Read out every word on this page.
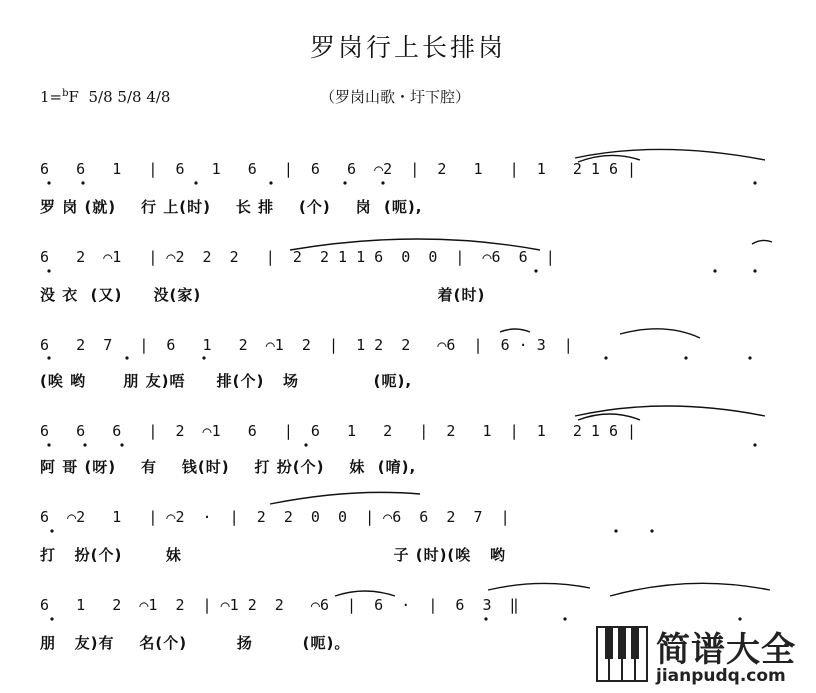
罗岗行上长排岗
1=$^b$F 5/8 5/8 4/8	（罗岗山歌・圩下腔）
6   6   1   |  6   1   6   |  6   6  ⌒2  |  2   1   |  1   2 1 6 |
罗 岗 (就)    行 上(时)    长 排    (个)    岗  (呃),
6   2  ⌒1   | ⌒2  2  2   |  2  2 1 1 6  0  0  |  ⌒6  6  |
没 衣  (又)     没(家)                                      着(时)
6   2  7   |  6   1   2  ⌒1  2  |  1 2  2   ⌒6  |  6 · 3  |
(唉 哟      朋 友)唔     排(个)   场            (呃),
6   6   6   |  2  ⌒1   6   |  6   1   2   |  2   1  |  1   2 1 6 |
阿 哥 (呀)    有    钱(时)    打 扮(个)    妹  (唷),
6  ⌒2   1   | ⌒2  ·  |  2  2  0  0  | ⌒6  6  2  7  |
打   扮(个)       妹                                  子 (时)(唉   哟
6   1   2  ⌒1  2  | ⌒1 2  2   ⌒6  |  6  ·  |  6  3  ‖
朋   友)有    名(个)        扬        (呃)。	简谱大全
jianpudq.com
